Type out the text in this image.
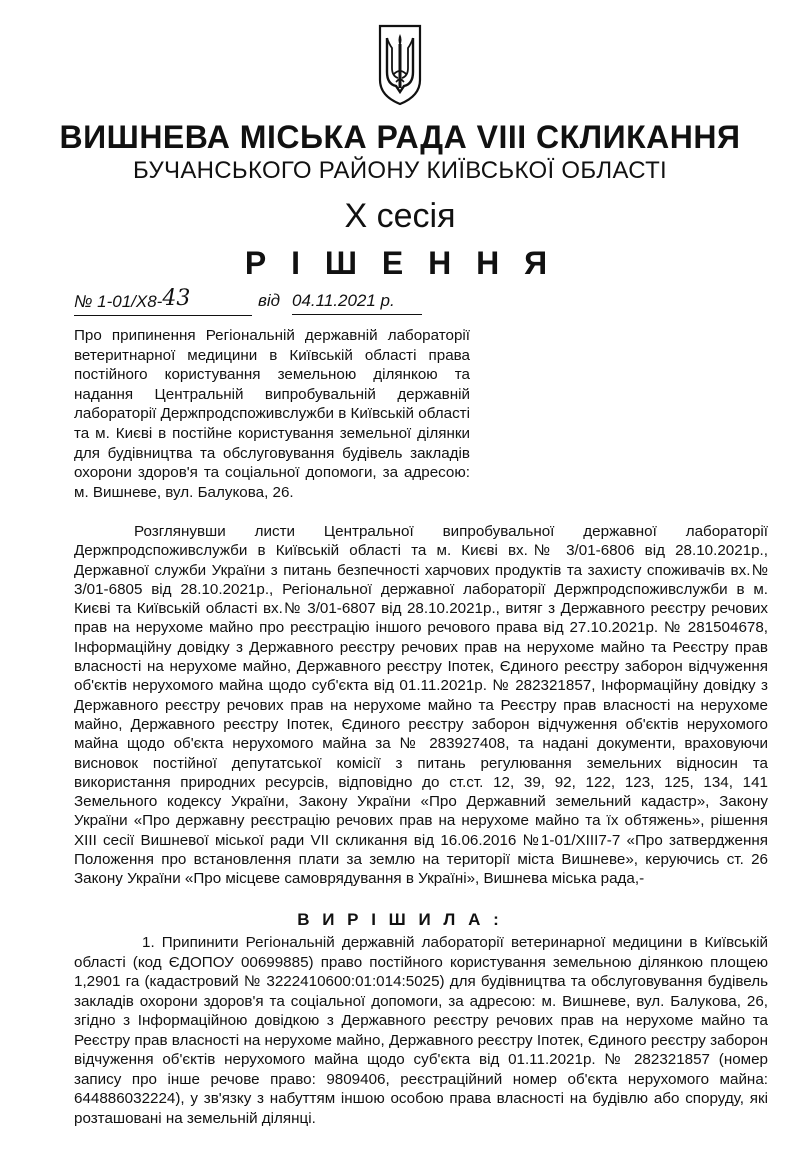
ВИШНЕВА МІСЬКА РАДА VIII СКЛИКАННЯ
БУЧАНСЬКОГО РАЙОНУ КИЇВСЬКОЇ ОБЛАСТІ
Х сесія
Р І Ш Е Н Н Я
№ 1-01/Х8-43	від 04.11.2021 р.

Про припинення Регіональній державній лабораторії ветеритнарної медицини в Київській області права постійного користування земельною ділянкою та надання Центральній випробувальній державній лабораторії Держпродспоживслужби в Київській області та м. Києві в постійне користування земельної ділянки для будівництва та обслуговування будівель закладів охорони здоров'я та соціальної допомоги, за адресою: м. Вишневе, вул. Балукова, 26.

Розглянувши листи Центральної випробувальної державної лабораторії Держпродспоживслужби в Київській області та м. Києві вх.№ 3/01-6806 від 28.10.2021р., Державної служби України з питань безпечності харчових продуктів та захисту споживачів вх.№ 3/01-6805 від 28.10.2021р., Регіональної державної лабораторії Держпродспоживслужби в м. Києві та Київській області вх.№ 3/01-6807 від 28.10.2021р., витяг з Державного реєстру речових прав на нерухоме майно про реєстрацію іншого речового права від 27.10.2021р. № 281504678, Інформаційну довідку з Державного реєстру речових прав на нерухоме майно та Реєстру прав власності на нерухоме майно, Державного реєстру Іпотек, Єдиного реєстру заборон відчуження об'єктів нерухомого майна щодо суб'єкта від 01.11.2021р. № 282321857, Інформаційну довідку з Державного реєстру речових прав на нерухоме майно та Реєстру прав власності на нерухоме майно, Державного реєстру Іпотек, Єдиного реєстру заборон відчуження об'єктів нерухомого майна щодо об'єкта нерухомого майна за № 283927408, та надані документи, враховуючи висновок постійної депутатської комісії з питань регулювання земельних відносин та використання природних ресурсів, відповідно до ст.ст. 12, 39, 92, 122, 123, 125, 134, 141 Земельного кодексу України, Закону України «Про Державний земельний кадастр», Закону України «Про державну реєстрацію речових прав на нерухоме майно та їх обтяжень», рішення ХІІІ сесії Вишневої міської ради VII скликання від 16.06.2016 №1-01/XIII7-7 «Про затвердження Положення про встановлення плати за землю на території міста Вишневе», керуючись ст. 26 Закону України «Про місцеве самоврядування в Україні», Вишнева міська рада,-

В И Р І Ш И Л А :

1. Припинити Регіональній державній лабораторії ветеринарної медицини в Київській області (код ЄДОПОУ 00699885) право постійного користування земельною ділянкою площею 1,2901 га (кадастровий № 3222410600:01:014:5025) для будівництва та обслуговування будівель закладів охорони здоров'я та соціальної допомоги, за адресою: м. Вишневе, вул. Балукова, 26, згідно з Інформаційною довідкою з Державного реєстру речових прав на нерухоме майно та Реєстру прав власності на нерухоме майно, Державного реєстру Іпотек, Єдиного реєстру заборон відчуження об'єктів нерухомого майна щодо суб'єкта від 01.11.2021р. № 282321857 (номер запису про інше речове право: 9809406, реєстраційний номер об'єкта нерухомого майна: 644886032224), у зв'язку з набуттям іншою особою права власності на будівлю або споруду, які розташовані на земельній ділянці.
